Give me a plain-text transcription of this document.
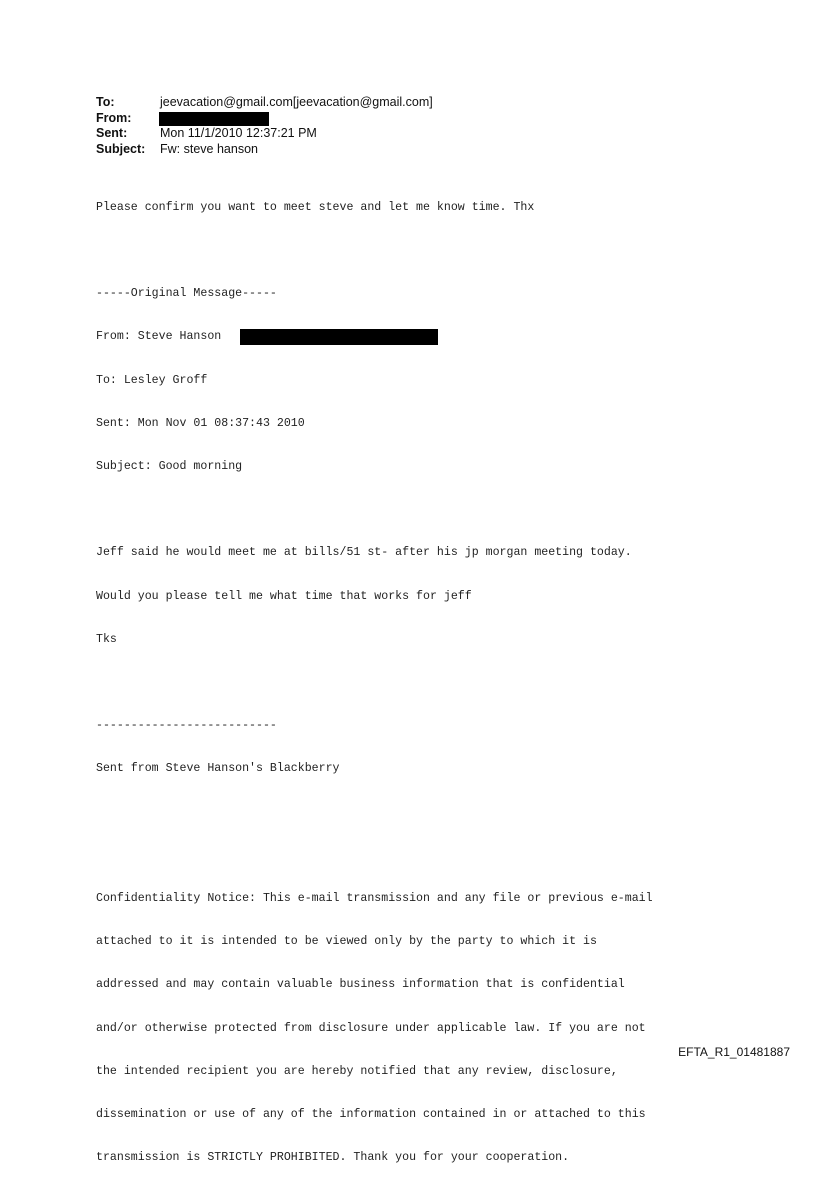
To:	jeevacation@gmail.com[jeevacation@gmail.com]
From:
Sent:	Mon 11/1/2010 12:37:21 PM
Subject: Fw: steve hanson

Please confirm you want to meet steve and let me know time. Thx

-----Original Message-----

From: Steve Hanson

To: Lesley Groff

Sent: Mon Nov 01 08:37:43 2010

Subject: Good morning

Jeff said he would meet me at bills/51 st- after his jp morgan meeting today.

Would you please tell me what time that works for jeff

Tks

--------------------------

Sent from Steve Hanson's Blackberry

Confidentiality Notice: This e-mail transmission and any file or previous e-mail

attached to it is intended to be viewed only by the party to which it is

addressed and may contain valuable business information that is confidential

and/or otherwise protected from disclosure under applicable law. If you are not

the intended recipient you are hereby notified that any review, disclosure,

dissemination or use of any of the information contained in or attached to this

transmission is STRICTLY PROHIBITED. Thank you for your cooperation.

EFTA_R1_01481887
